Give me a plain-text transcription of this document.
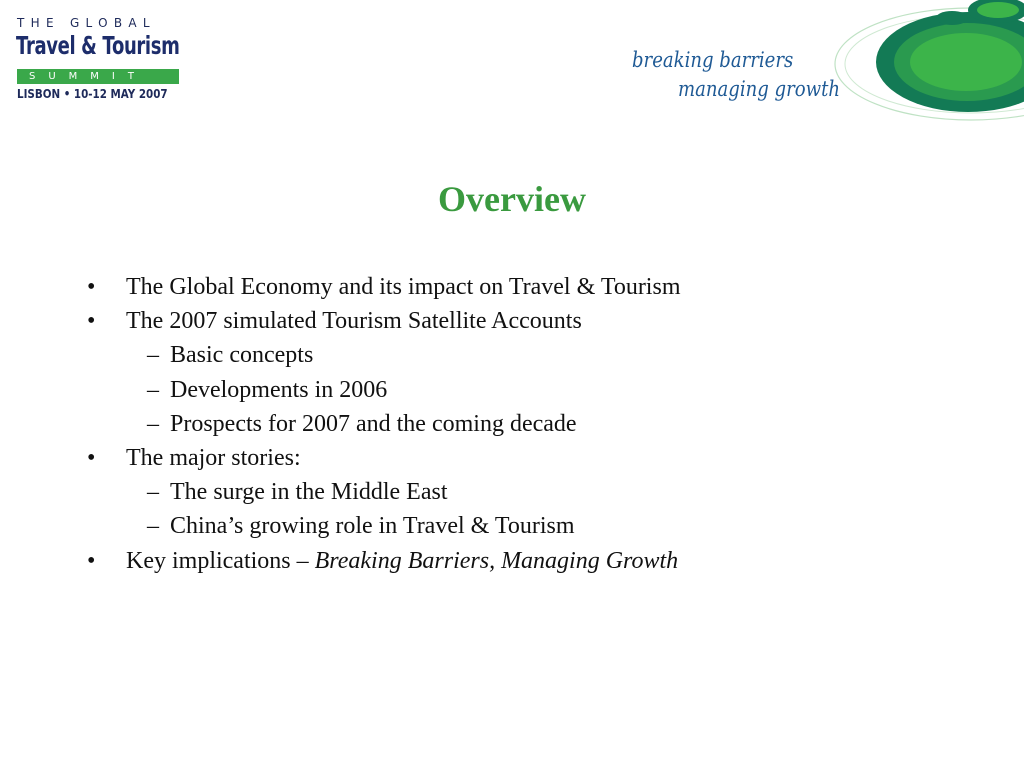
THE GLOBAL
Travel & Tourism
SUMMIT
LISBON • 10-12 MAY 2007
breaking barriers
managing growth
Overview
• The Global Economy and its impact on Travel & Tourism
• The 2007 simulated Tourism Satellite Accounts
– Basic concepts
– Developments in 2006
– Prospects for 2007 and the coming decade
• The major stories:
– The surge in the Middle East
– China’s growing role in Travel & Tourism
• Key implications – Breaking Barriers, Managing Growth
